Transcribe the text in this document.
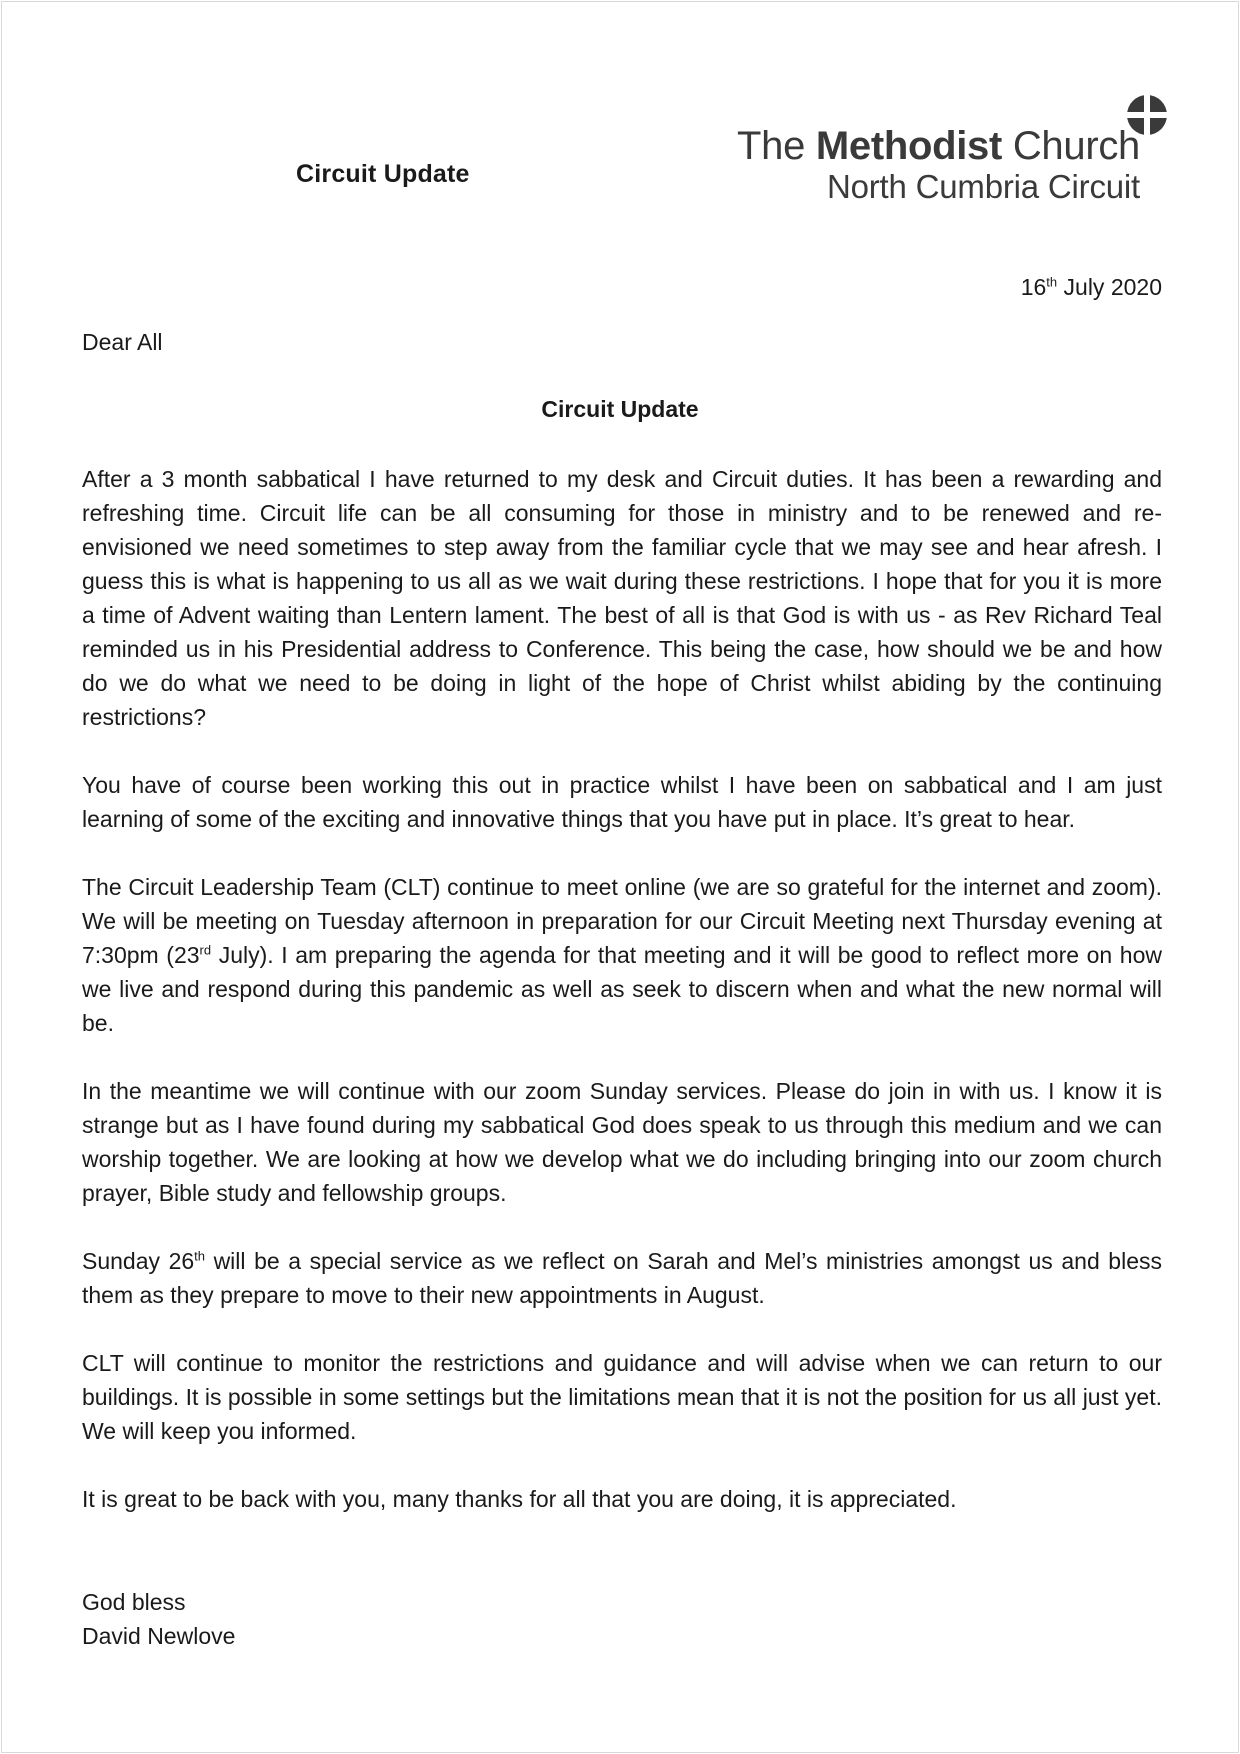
Circuit Update
The Methodist Church
North Cumbria Circuit
16th July 2020
Dear All
Circuit Update

After a 3 month sabbatical I have returned to my desk and Circuit duties. It has been a rewarding and refreshing time. Circuit life can be all consuming for those in ministry and to be renewed and re-envisioned we need sometimes to step away from the familiar cycle that we may see and hear afresh. I guess this is what is happening to us all as we wait during these restrictions. I hope that for you it is more a time of Advent waiting than Lentern lament. The best of all is that God is with us - as Rev Richard Teal reminded us in his Presidential address to Conference. This being the case, how should we be and how do we do what we need to be doing in light of the hope of Christ whilst abiding by the continuing restrictions?

You have of course been working this out in practice whilst I have been on sabbatical and I am just learning of some of the exciting and innovative things that you have put in place. It’s great to hear.

The Circuit Leadership Team (CLT) continue to meet online (we are so grateful for the internet and zoom). We will be meeting on Tuesday afternoon in preparation for our Circuit Meeting next Thursday evening at 7:30pm (23rd July). I am preparing the agenda for that meeting and it will be good to reflect more on how we live and respond during this pandemic as well as seek to discern when and what the new normal will be.

In the meantime we will continue with our zoom Sunday services. Please do join in with us. I know it is strange but as I have found during my sabbatical God does speak to us through this medium and we can worship together. We are looking at how we develop what we do including bringing into our zoom church prayer, Bible study and fellowship groups.

Sunday 26th will be a special service as we reflect on Sarah and Mel’s ministries amongst us and bless them as they prepare to move to their new appointments in August.

CLT will continue to monitor the restrictions and guidance and will advise when we can return to our buildings. It is possible in some settings but the limitations mean that it is not the position for us all just yet. We will keep you informed.

It is great to be back with you, many thanks for all that you are doing, it is appreciated.

God bless
David Newlove
